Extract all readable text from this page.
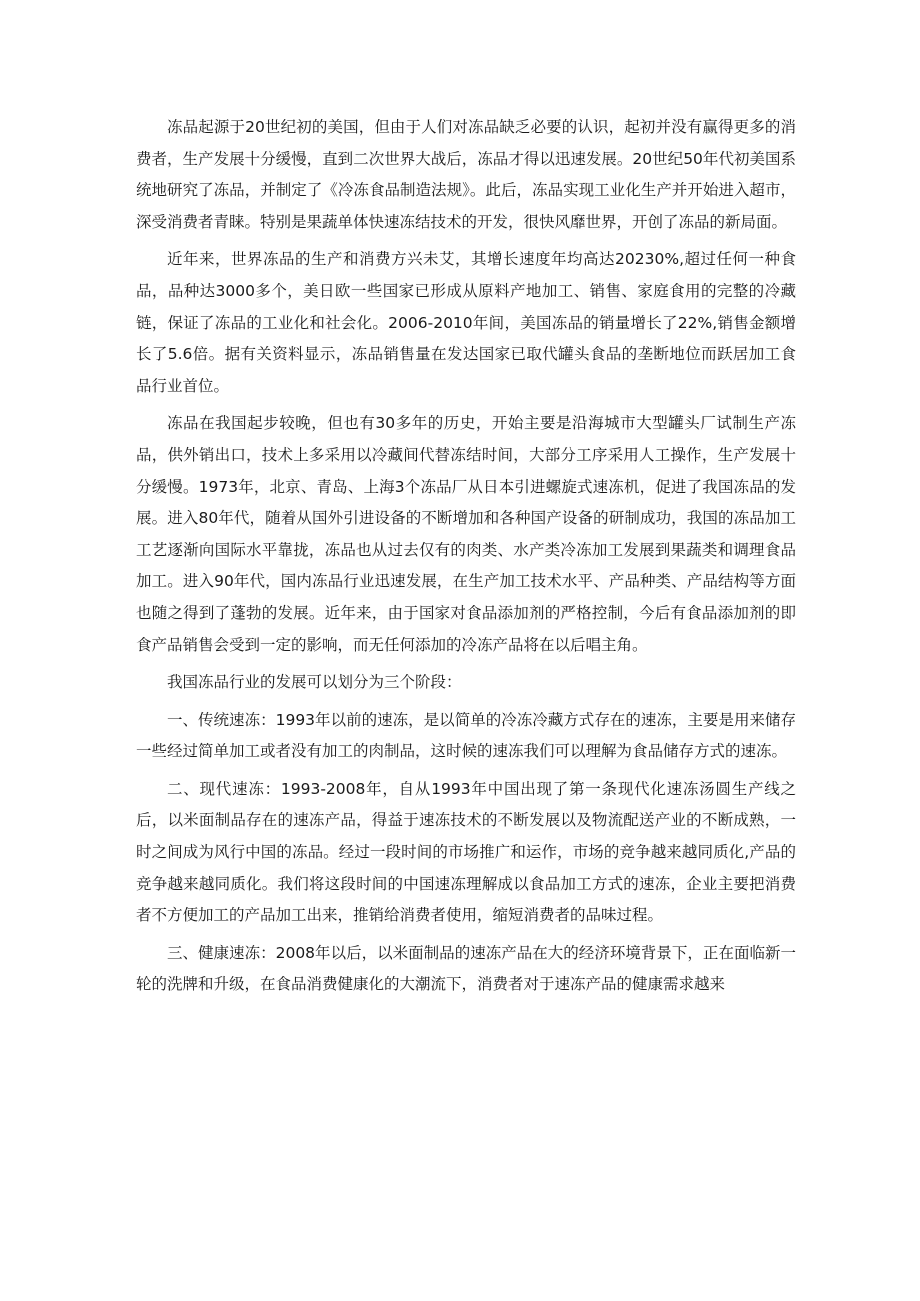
冻品起源于20世纪初的美国，但由于人们对冻品缺乏必要的认识，起初并没有赢得更多的消费者，生产发展十分缓慢，直到二次世界大战后，冻品才得以迅速发展。20世纪50年代初美国系统地研究了冻品，并制定了《冷冻食品制造法规》。此后，冻品实现工业化生产并开始进入超市，深受消费者青睐。特别是果蔬单体快速冻结技术的开发，很快风靡世界，开创了冻品的新局面。

近年来，世界冻品的生产和消费方兴未艾，其增长速度年均高达20230%,超过任何一种食品，品种达3000多个，美日欧一些国家已形成从原料产地加工、销售、家庭食用的完整的冷藏链，保证了冻品的工业化和社会化。2006-2010年间，美国冻品的销量增长了22%,销售金额增长了5.6倍。据有关资料显示，冻品销售量在发达国家已取代罐头食品的垄断地位而跃居加工食品行业首位。

冻品在我国起步较晚，但也有30多年的历史，开始主要是沿海城市大型罐头厂试制生产冻品，供外销出口，技术上多采用以冷藏间代替冻结时间，大部分工序采用人工操作，生产发展十分缓慢。1973年，北京、青岛、上海3个冻品厂从日本引进螺旋式速冻机，促进了我国冻品的发展。进入80年代，随着从国外引进设备的不断增加和各种国产设备的研制成功，我国的冻品加工工艺逐渐向国际水平靠拢，冻品也从过去仅有的肉类、水产类冷冻加工发展到果蔬类和调理食品加工。进入90年代，国内冻品行业迅速发展，在生产加工技术水平、产品种类、产品结构等方面也随之得到了蓬勃的发展。近年来，由于国家对食品添加剂的严格控制，今后有食品添加剂的即食产品销售会受到一定的影响，而无任何添加的冷冻产品将在以后唱主角。

我国冻品行业的发展可以划分为三个阶段：

一、传统速冻：1993年以前的速冻，是以简单的冷冻冷藏方式存在的速冻，主要是用来储存一些经过简单加工或者没有加工的肉制品，这时候的速冻我们可以理解为食品储存方式的速冻。

二、现代速冻：1993-2008年，自从1993年中国出现了第一条现代化速冻汤圆生产线之后，以米面制品存在的速冻产品，得益于速冻技术的不断发展以及物流配送产业的不断成熟，一时之间成为风行中国的冻品。经过一段时间的市场推广和运作，市场的竞争越来越同质化,产品的竞争越来越同质化。我们将这段时间的中国速冻理解成以食品加工方式的速冻，企业主要把消费者不方便加工的产品加工出来，推销给消费者使用，缩短消费者的品味过程。

三、健康速冻：2008年以后，以米面制品的速冻产品在大的经济环境背景下，正在面临新一轮的洗牌和升级，在食品消费健康化的大潮流下，消费者对于速冻产品的健康需求越来
